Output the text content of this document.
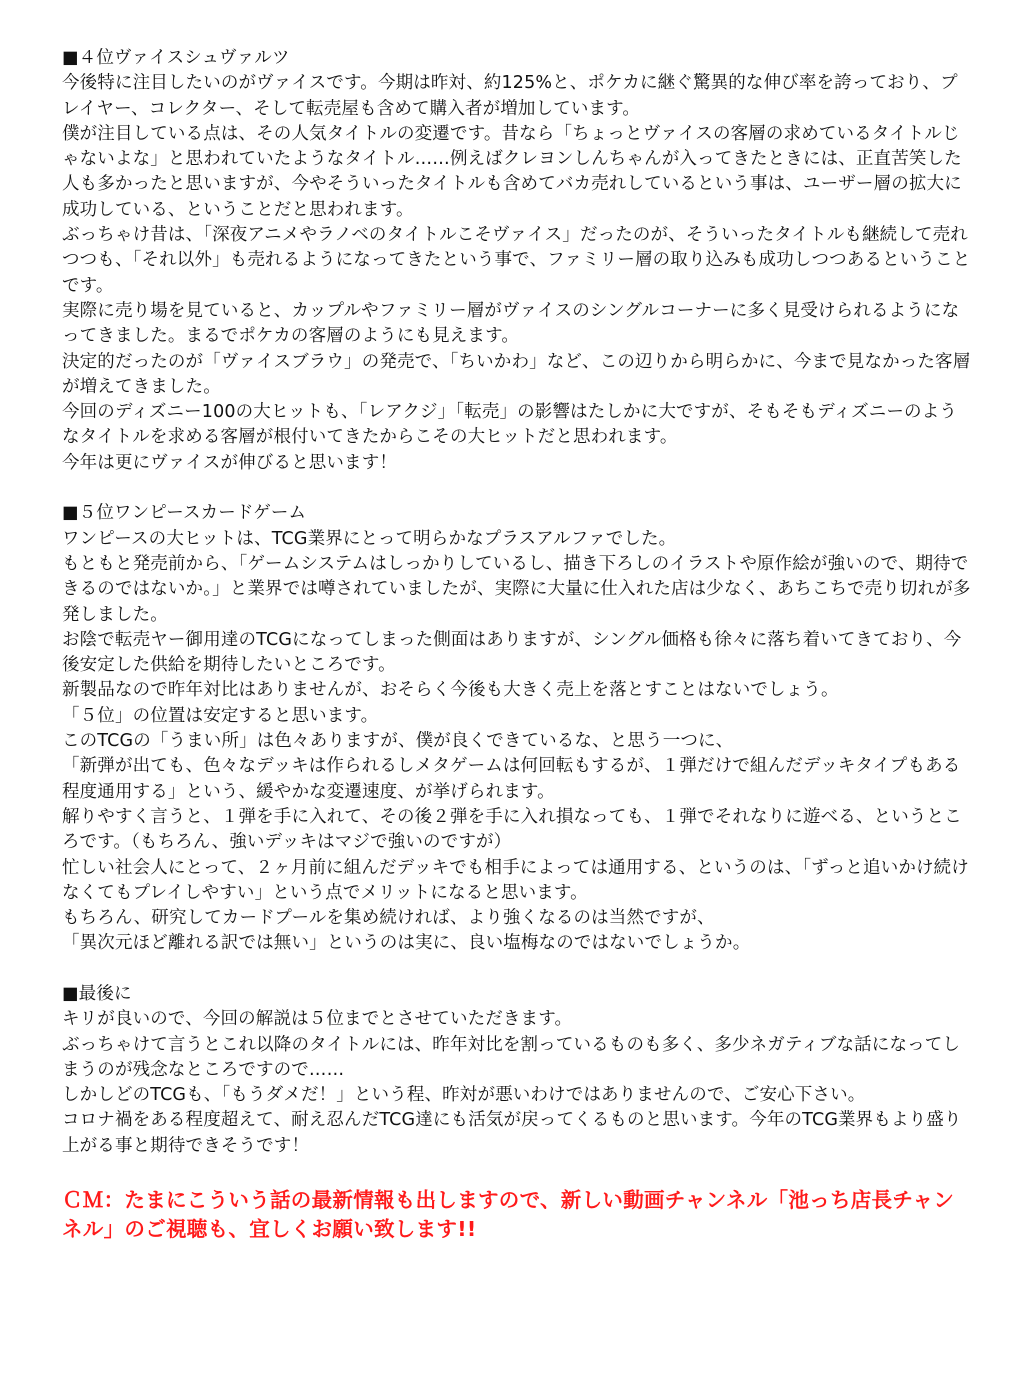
■４位ヴァイスシュヴァルツ

今後特に注目したいのがヴァイスです。今期は昨対、約125%と、ポケカに継ぐ驚異的な伸び率を誇っており、プレイヤー、コレクター、そして転売屋も含めて購入者が増加しています。

僕が注目している点は、その人気タイトルの変遷です。昔なら「ちょっとヴァイスの客層の求めているタイトルじゃないよな」と思われていたようなタイトル……例えばクレヨンしんちゃんが入ってきたときには、正直苦笑した人も多かったと思いますが、今やそういったタイトルも含めてバカ売れしているという事は、ユーザー層の拡大に成功している、ということだと思われます。

ぶっちゃけ昔は、「深夜アニメやラノベのタイトルこそヴァイス」だったのが、そういったタイトルも継続して売れつつも、「それ以外」も売れるようになってきたという事で、ファミリー層の取り込みも成功しつつあるということです。

実際に売り場を見ていると、カップルやファミリー層がヴァイスのシングルコーナーに多く見受けられるようになってきました。まるでポケカの客層のようにも見えます。

決定的だったのが「ヴァイスブラウ」の発売で、「ちいかわ」など、この辺りから明らかに、今まで見なかった客層が増えてきました。

今回のディズニー100の大ヒットも、「レアクジ」「転売」の影響はたしかに大ですが、そもそもディズニーのようなタイトルを求める客層が根付いてきたからこその大ヒットだと思われます。

今年は更にヴァイスが伸びると思います！

■５位ワンピースカードゲーム

ワンピースの大ヒットは、TCG業界にとって明らかなプラスアルファでした。

もともと発売前から、「ゲームシステムはしっかりしているし、描き下ろしのイラストや原作絵が強いので、期待できるのではないか。」と業界では噂されていましたが、実際に大量に仕入れた店は少なく、あちこちで売り切れが多発しました。

お陰で転売ヤー御用達のTCGになってしまった側面はありますが、シングル価格も徐々に落ち着いてきており、今後安定した供給を期待したいところです。

新製品なので昨年対比はありませんが、おそらく今後も大きく売上を落とすことはないでしょう。

「５位」の位置は安定すると思います。

このTCGの「うまい所」は色々ありますが、僕が良くできているな、と思う一つに、

「新弾が出ても、色々なデッキは作られるしメタゲームは何回転もするが、１弾だけで組んだデッキタイプもある程度通用する」という、緩やかな変遷速度、が挙げられます。

解りやすく言うと、１弾を手に入れて、その後２弾を手に入れ損なっても、１弾でそれなりに遊べる、というところです。（もちろん、強いデッキはマジで強いのですが）

忙しい社会人にとって、２ヶ月前に組んだデッキでも相手によっては通用する、というのは、「ずっと追いかけ続けなくてもプレイしやすい」という点でメリットになると思います。

もちろん、研究してカードプールを集め続ければ、より強くなるのは当然ですが、

「異次元ほど離れる訳では無い」というのは実に、良い塩梅なのではないでしょうか。

■最後に

キリが良いので、今回の解説は５位までとさせていただきます。

ぶっちゃけて言うとこれ以降のタイトルには、昨年対比を割っているものも多く、多少ネガティブな話になってしまうのが残念なところですので……

しかしどのTCGも、「もうダメだ！」という程、昨対が悪いわけではありませんので、ご安心下さい。

コロナ禍をある程度超えて、耐え忍んだTCG達にも活気が戻ってくるものと思います。今年のTCG業界もより盛り上がる事と期待できそうです！

ＣＭ：たまにこういう話の最新情報も出しますので、新しい動画チャンネル「池っち店長チャンネル」のご視聴も、宜しくお願い致します!!
